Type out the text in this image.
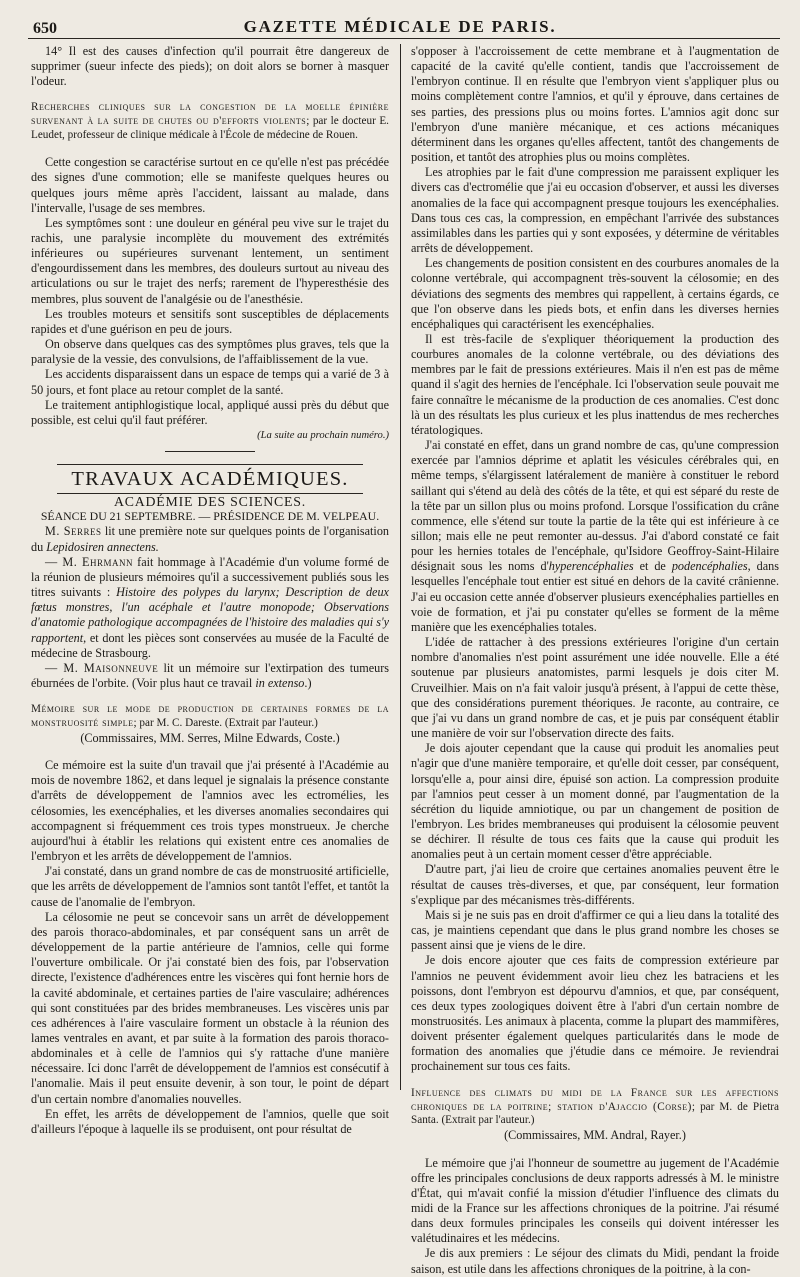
650	GAZETTE MÉDICALE DE PARIS.

14° Il est des causes d'infection qu'il pourrait être dangereux de supprimer (sueur infecte des pieds); on doit alors se borner à masquer l'odeur.

Recherches cliniques sur la congestion de la moelle épinière survenant à la suite de chutes ou d'efforts violents; par le docteur E. Leudet, professeur de clinique médicale à l'École de médecine de Rouen.

Cette congestion se caractérise surtout en ce qu'elle n'est pas précédée des signes d'une commotion; elle se manifeste quelques heures ou quelques jours même après l'accident, laissant au malade, dans l'intervalle, l'usage de ses membres.

Les symptômes sont : une douleur en général peu vive sur le trajet du rachis, une paralysie incomplète du mouvement des extrémités inférieures ou supérieures survenant lentement, un sentiment d'engourdissement dans les membres, des douleurs surtout au niveau des articulations ou sur le trajet des nerfs; rarement de l'hyperesthésie des membres, plus souvent de l'analgésie ou de l'anesthésie.

Les troubles moteurs et sensitifs sont susceptibles de déplacements rapides et d'une guérison en peu de jours.

On observe dans quelques cas des symptômes plus graves, tels que la paralysie de la vessie, des convulsions, de l'affaiblissement de la vue.

Les accidents disparaissent dans un espace de temps qui a varié de 3 à 50 jours, et font place au retour complet de la santé.

Le traitement antiphlogistique local, appliqué aussi près du début que possible, est celui qu'il faut préférer.

(La suite au prochain numéro.)

TRAVAUX ACADÉMIQUES.

ACADÉMIE DES SCIENCES.

SÉANCE DU 21 SEPTEMBRE. — PRÉSIDENCE DE M. VELPEAU.

M. Serres lit une première note sur quelques points de l'organisation du Lepidosiren annectens.

— M. Ehrmann fait hommage à l'Académie d'un volume formé de la réunion de plusieurs mémoires qu'il a successivement publiés sous les titres suivants : Histoire des polypes du larynx; Description de deux fœtus monstres, l'un acéphale et l'autre monopode; Observations d'anatomie pathologique accompagnées de l'histoire des maladies qui s'y rapportent, et dont les pièces sont conservées au musée de la Faculté de médecine de Strasbourg.

— M. Maisonneuve lit un mémoire sur l'extirpation des tumeurs éburnées de l'orbite. (Voir plus haut ce travail in extenso.)

Mémoire sur le mode de production de certaines formes de la monstruosité simple; par M. C. Dareste. (Extrait par l'auteur.)

(Commissaires, MM. Serres, Milne Edwards, Coste.)

Ce mémoire est la suite d'un travail que j'ai présenté à l'Académie au mois de novembre 1862, et dans lequel je signalais la présence constante d'arrêts de développement de l'amnios avec les ectromélies, les célosomies, les exencéphalies, et les diverses anomalies secondaires qui accompagnent si fréquemment ces trois types monstrueux. Je cherche aujourd'hui à établir les relations qui existent entre ces anomalies de l'embryon et les arrêts de développement de l'amnios.

J'ai constaté, dans un grand nombre de cas de monstruosité artificielle, que les arrêts de développement de l'amnios sont tantôt l'effet, et tantôt la cause de l'anomalie de l'embryon.

La célosomie ne peut se concevoir sans un arrêt de développement des parois thoraco-abdominales, et par conséquent sans un arrêt de développement de la partie antérieure de l'amnios, celle qui forme l'ouverture ombilicale. Or j'ai constaté bien des fois, par l'observation directe, l'existence d'adhérences entre les viscères qui font hernie hors de la cavité abdominale, et certaines parties de l'aire vasculaire; adhérences qui sont constituées par des brides membraneuses. Les viscères unis par ces adhérences à l'aire vasculaire forment un obstacle à la réunion des lames ventrales en avant, et par suite à la formation des parois thoraco-abdominales et à celle de l'amnios qui s'y rattache d'une manière nécessaire. Ici donc l'arrêt de développement de l'amnios est consécutif à l'anomalie. Mais il peut ensuite devenir, à son tour, le point de départ d'un certain nombre d'anomalies nouvelles.

En effet, les arrêts de développement de l'amnios, quelle que soit d'ailleurs l'époque à laquelle ils se produisent, ont pour résultat de

s'opposer à l'accroissement de cette membrane et à l'augmentation de capacité de la cavité qu'elle contient, tandis que l'accroissement de l'embryon continue. Il en résulte que l'embryon vient s'appliquer plus ou moins complètement contre l'amnios, et qu'il y éprouve, dans certaines de ses parties, des pressions plus ou moins fortes. L'amnios agit donc sur l'embryon d'une manière mécanique, et ces actions mécaniques déterminent dans les organes qu'elles affectent, tantôt des changements de position, et tantôt des atrophies plus ou moins complètes.

Les atrophies par le fait d'une compression me paraissent expliquer les divers cas d'ectromélie que j'ai eu occasion d'observer, et aussi les diverses anomalies de la face qui accompagnent presque toujours les exencéphalies. Dans tous ces cas, la compression, en empêchant l'arrivée des substances assimilables dans les parties qui y sont exposées, y détermine de véritables arrêts de développement.

Les changements de position consistent en des courbures anomales de la colonne vertébrale, qui accompagnent très-souvent la célosomie; en des déviations des segments des membres qui rappellent, à certains égards, ce que l'on observe dans les pieds bots, et enfin dans les diverses hernies encéphaliques qui caractérisent les exencéphalies.

Il est très-facile de s'expliquer théoriquement la production des courbures anomales de la colonne vertébrale, ou des déviations des membres par le fait de pressions extérieures. Mais il n'en est pas de même quand il s'agit des hernies de l'encéphale. Ici l'observation seule pouvait me faire connaître le mécanisme de la production de ces anomalies. C'est donc là un des résultats les plus curieux et les plus inattendus de mes recherches tératologiques.

J'ai constaté en effet, dans un grand nombre de cas, qu'une compression exercée par l'amnios déprime et aplatit les vésicules cérébrales qui, en même temps, s'élargissent latéralement de manière à constituer le rebord saillant qui s'étend au delà des côtés de la tête, et qui est séparé du reste de la tête par un sillon plus ou moins profond. Lorsque l'ossification du crâne commence, elle s'étend sur toute la partie de la tête qui est inférieure à ce sillon; mais elle ne peut remonter au-dessus. J'ai d'abord constaté ce fait pour les hernies totales de l'encéphale, qu'Isidore Geoffroy-Saint-Hilaire désignait sous les noms d'hyperencéphalies et de podencéphalies, dans lesquelles l'encéphale tout entier est situé en dehors de la cavité crânienne. J'ai eu occasion cette année d'observer plusieurs exencéphalies partielles en voie de formation, et j'ai pu constater qu'elles se forment de la même manière que les exencéphalies totales.

L'idée de rattacher à des pressions extérieures l'origine d'un certain nombre d'anomalies n'est point assurément une idée nouvelle. Elle a été soutenue par plusieurs anatomistes, parmi lesquels je dois citer M. Cruveilhier. Mais on n'a fait valoir jusqu'à présent, à l'appui de cette thèse, que des considérations purement théoriques. Je raconte, au contraire, ce que j'ai vu dans un grand nombre de cas, et je puis par conséquent établir une manière de voir sur l'observation directe des faits.

Je dois ajouter cependant que la cause qui produit les anomalies peut n'agir que d'une manière temporaire, et qu'elle doit cesser, par conséquent, lorsqu'elle a, pour ainsi dire, épuisé son action. La compression produite par l'amnios peut cesser à un moment donné, par l'augmentation de la sécrétion du liquide amniotique, ou par un changement de position de l'embryon. Les brides membraneuses qui produisent la célosomie peuvent se déchirer. Il résulte de tous ces faits que la cause qui produit les anomalies peut à un certain moment cesser d'être appréciable.

D'autre part, j'ai lieu de croire que certaines anomalies peuvent être le résultat de causes très-diverses, et que, par conséquent, leur formation s'explique par des mécanismes très-différents.

Mais si je ne suis pas en droit d'affirmer ce qui a lieu dans la totalité des cas, je maintiens cependant que dans le plus grand nombre les choses se passent ainsi que je viens de le dire.

Je dois encore ajouter que ces faits de compression extérieure par l'amnios ne peuvent évidemment avoir lieu chez les batraciens et les poissons, dont l'embryon est dépourvu d'amnios, et que, par conséquent, ces deux types zoologiques doivent être à l'abri d'un certain nombre de monstruosités. Les animaux à placenta, comme la plupart des mammifères, doivent présenter également quelques particularités dans le mode de formation des anomalies que j'étudie dans ce mémoire. Je reviendrai prochainement sur tous ces faits.

Influence des climats du midi de la France sur les affections chroniques de la poitrine; station d'Ajaccio (Corse); par M. de Pietra Santa. (Extrait par l'auteur.)

(Commissaires, MM. Andral, Rayer.)

Le mémoire que j'ai l'honneur de soumettre au jugement de l'Académie offre les principales conclusions de deux rapports adressés à M. le ministre d'État, qui m'avait confié la mission d'étudier l'influence des climats du midi de la France sur les affections chroniques de la poitrine. J'ai résumé dans deux formules principales les conseils qui doivent intéresser les valétudinaires et les médecins.

Je dis aux premiers : Le séjour des climats du Midi, pendant la froide saison, est utile dans les affections chroniques de la poitrine, à la con-
